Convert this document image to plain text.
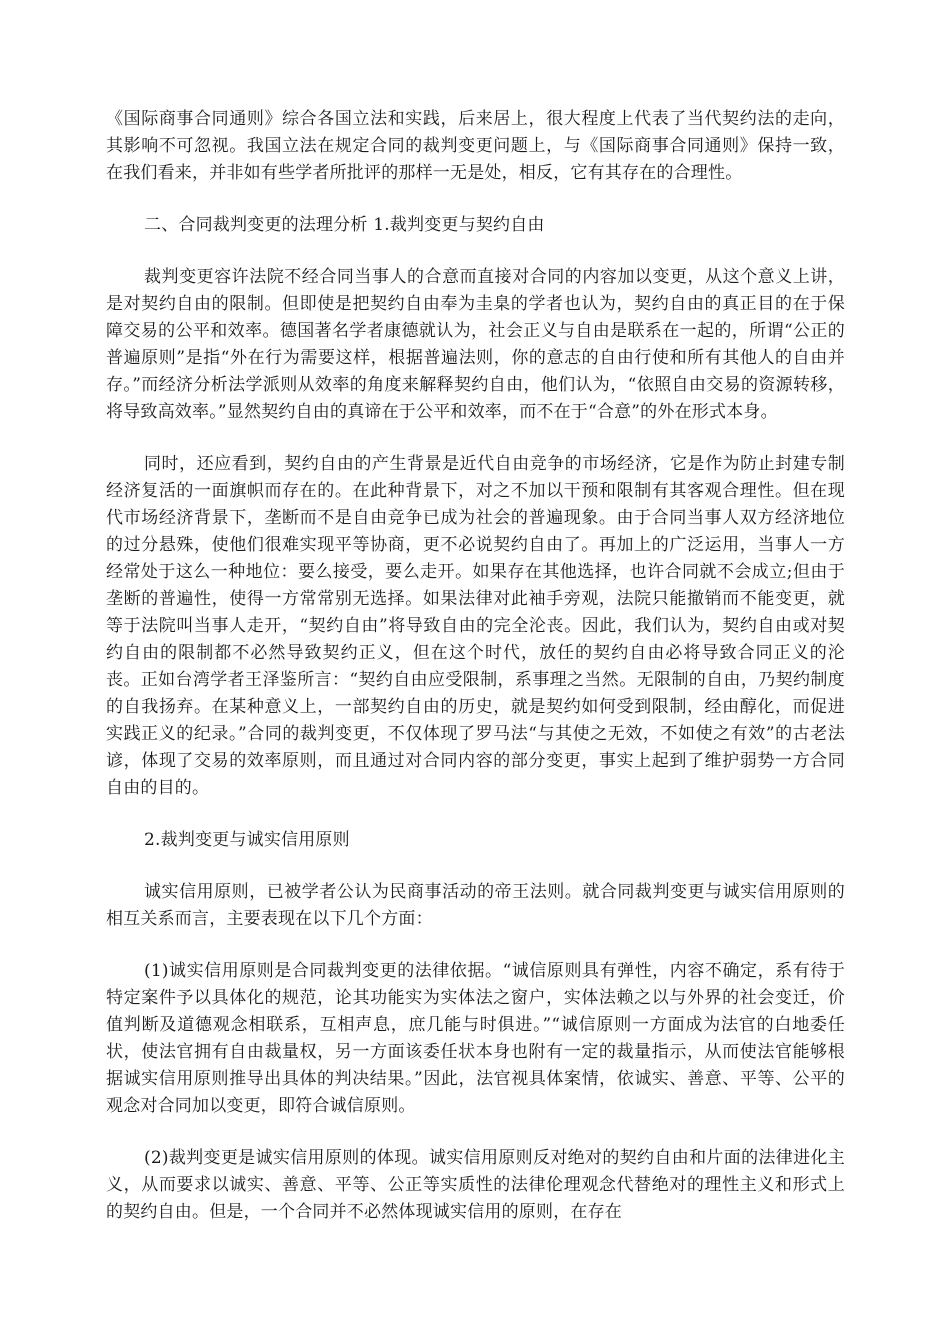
《国际商事合同通则》综合各国立法和实践，后来居上，很大程度上代表了当代契约法的走向，其影响不可忽视。我国立法在规定合同的裁判变更问题上，与《国际商事合同通则》保持一致，在我们看来，并非如有些学者所批评的那样一无是处，相反，它有其存在的合理性。

二、合同裁判变更的法理分析 1.裁判变更与契约自由

裁判变更容许法院不经合同当事人的合意而直接对合同的内容加以变更，从这个意义上讲，是对契约自由的限制。但即使是把契约自由奉为圭臬的学者也认为，契约自由的真正目的在于保障交易的公平和效率。德国著名学者康德就认为，社会正义与自由是联系在一起的，所谓“公正的普遍原则”是指“外在行为需要这样，根据普遍法则，你的意志的自由行使和所有其他人的自由并存。”而经济分析法学派则从效率的角度来解释契约自由，他们认为，“依照自由交易的资源转移，将导致高效率。”显然契约自由的真谛在于公平和效率，而不在于“合意”的外在形式本身。

同时，还应看到，契约自由的产生背景是近代自由竞争的市场经济，它是作为防止封建专制经济复活的一面旗帜而存在的。在此种背景下，对之不加以干预和限制有其客观合理性。但在现代市场经济背景下，垄断而不是自由竞争已成为社会的普遍现象。由于合同当事人双方经济地位的过分悬殊，使他们很难实现平等协商，更不必说契约自由了。再加上的广泛运用，当事人一方经常处于这么一种地位：要么接受，要么走开。如果存在其他选择，也许合同就不会成立;但由于垄断的普遍性，使得一方常常别无选择。如果法律对此袖手旁观，法院只能撤销而不能变更，就等于法院叫当事人走开，“契约自由”将导致自由的完全沦丧。因此，我们认为，契约自由或对契约自由的限制都不必然导致契约正义，但在这个时代，放任的契约自由必将导致合同正义的沦丧。正如台湾学者王泽鉴所言：“契约自由应受限制，系事理之当然。无限制的自由，乃契约制度的自我扬弃。在某种意义上，一部契约自由的历史，就是契约如何受到限制，经由醇化，而促进实践正义的纪录。”合同的裁判变更，不仅体现了罗马法“与其使之无效，不如使之有效”的古老法谚，体现了交易的效率原则，而且通过对合同内容的部分变更，事实上起到了维护弱势一方合同自由的目的。

2.裁判变更与诚实信用原则

诚实信用原则，已被学者公认为民商事活动的帝王法则。就合同裁判变更与诚实信用原则的相互关系而言，主要表现在以下几个方面：

(1)诚实信用原则是合同裁判变更的法律依据。“诚信原则具有弹性，内容不确定，系有待于特定案件予以具体化的规范，论其功能实为实体法之窗户，实体法赖之以与外界的社会变迁，价值判断及道德观念相联系，互相声息，庶几能与时俱进。”“诚信原则一方面成为法官的白地委任状，使法官拥有自由裁量权，另一方面该委任状本身也附有一定的裁量指示，从而使法官能够根据诚实信用原则推导出具体的判决结果。”因此，法官视具体案情，依诚实、善意、平等、公平的观念对合同加以变更，即符合诚信原则。

(2)裁判变更是诚实信用原则的体现。诚实信用原则反对绝对的契约自由和片面的法律进化主义，从而要求以诚实、善意、平等、公正等实质性的法律伦理观念代替绝对的理性主义和形式上的契约自由。但是，一个合同并不必然体现诚实信用的原则，在存在
